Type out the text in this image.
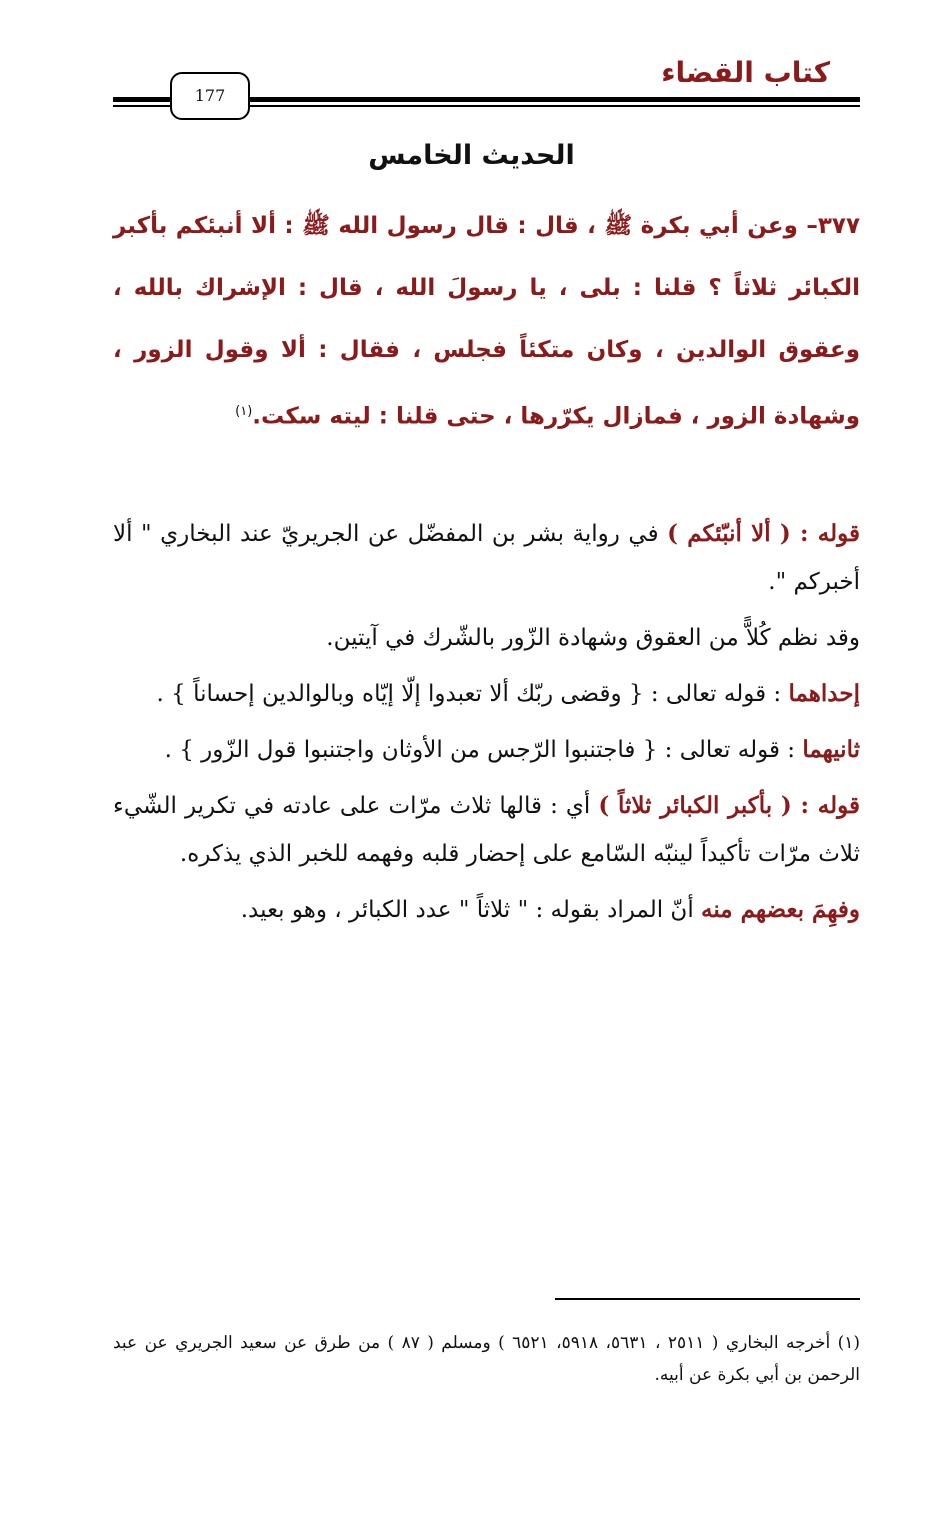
كتاب القضاء
177
الحديث الخامس
٣٧٧– وعن أبي بكرة ﷺ ، قال : قال رسول الله ﷺ : ألا أنبئكم بأكبر الكبائر ثلاثاً ؟ قلنا : بلى ، يا رسولَ الله ، قال : الإشراك بالله ، وعقوق الوالدين ، وكان متكئاً فجلس ، فقال : ألا وقول الزور ، وشهادة الزور ، فمازال يكرّرها ، حتى قلنا : ليته سكت.$^{(١)}$

قوله : ( ألا أنبّئكم ) في رواية بشر بن المفضّل عن الجريريّ عند البخاري " ألا أخبركم ".

وقد نظم كُلاًّ من العقوق وشهادة الزّور بالشّرك في آيتين.

إحداهما : قوله تعالى : { وقضى ربّك ألا تعبدوا إلّا إيّاه وبالوالدين إحساناً } .

ثانيهما : قوله تعالى : { فاجتنبوا الرّجس من الأوثان واجتنبوا قول الزّور } .

قوله : ( بأكبر الكبائر ثلاثاً ) أي : قالها ثلاث مرّات على عادته في تكرير الشّيء ثلاث مرّات تأكيداً لينبّه السّامع على إحضار قلبه وفهمه للخبر الذي يذكره.

وفهِمَ بعضهم منه أنّ المراد بقوله : " ثلاثاً " عدد الكبائر ، وهو بعيد.

(١) أخرجه البخاري ( ٢٥١١ ، ٥٦٣١، ٥٩١٨، ٦٥٢١ ) ومسلم ( ٨٧ ) من طرق عن سعيد الجريري عن عبد الرحمن بن أبي بكرة عن أبيه.
